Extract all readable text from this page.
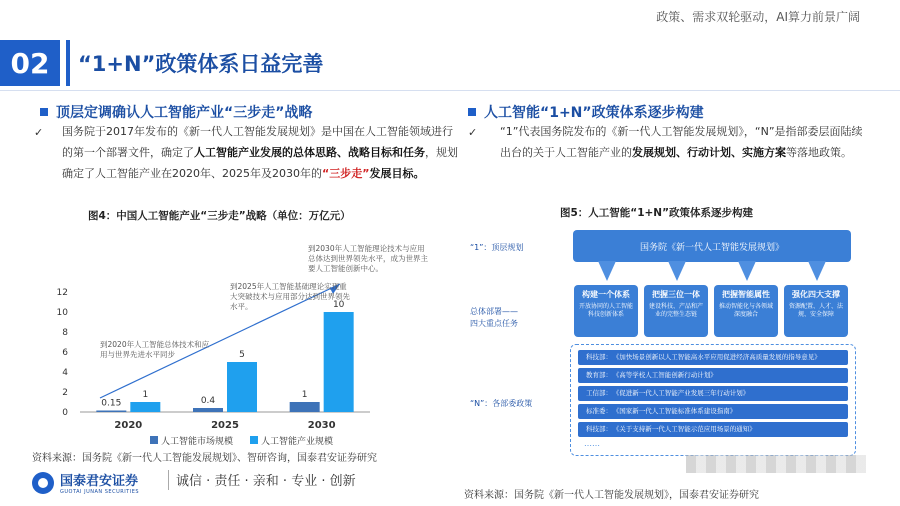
政策、需求双轮驱动，AI算力前景广阔
02	“1+N”政策体系日益完善
顶层定调确认人工智能产业“三步走”战略
✓ 国务院于2017年发布的《新一代人工智能发展规划》是中国在人工智能领域进行的第一个部署文件，确定了人工智能产业发展的总体思路、战略目标和任务，规划确定了人工智能产业在2020年、2025年及2030年的“三步走”发展目标。
图4：中国人工智能产业“三步走”战略（单位：万亿元）
0
2
4
6
8
10
12
0.15
1
2020
0.4
5
2025
1
10
2030
到2020年人工智能总体技术和应用与世界先进水平同步
到2025年人工智能基础理论实现重大突破技术与应用部分达到世界领先水平。
到2030年人工智能理论技术与应用总体达到世界领先水平，成为世界主要人工智能创新中心。
人工智能市场规模	人工智能产业规模
资料来源：国务院《新一代人工智能发展规划》、智研咨询，国泰君安证券研究
人工智能“1+N”政策体系逐步构建
✓ “1”代表国务院发布的《新一代人工智能发展规划》，“N”是指部委层面陆续出台的关于人工智能产业的发展规划、行动计划、实施方案等落地政策。
图5：人工智能“1+N”政策体系逐步构建
“1”：顶层规划	国务院《新一代人工智能发展规划》
总体部署——
四大重点任务
构建一个体系
开放协同的人工智能科技创新体系
把握三位一体
建设科技、产品和产业的完整生态链
把握智能属性
推动智能化与各领域深度融合
强化四大支撑
资源配置、人才、法规、安全保障
“N”：各部委政策
科技部： 《加快场景创新以人工智能高水平应用促进经济高质量发展的指导意见》
教育部： 《高等学校人工智能创新行动计划》
工信部： 《促进新一代人工智能产业发展三年行动计划》
标准委： 《国家新一代人工智能标准体系建设指南》
科技部： 《关于支持新一代人工智能示范应用场景的通知》
……
资料来源：国务院《新一代人工智能发展规划》，国泰君安证券研究
国泰君安证券
GUOTAI JUNAN SECURITIES
诚信 · 责任 · 亲和 · 专业 · 创新
